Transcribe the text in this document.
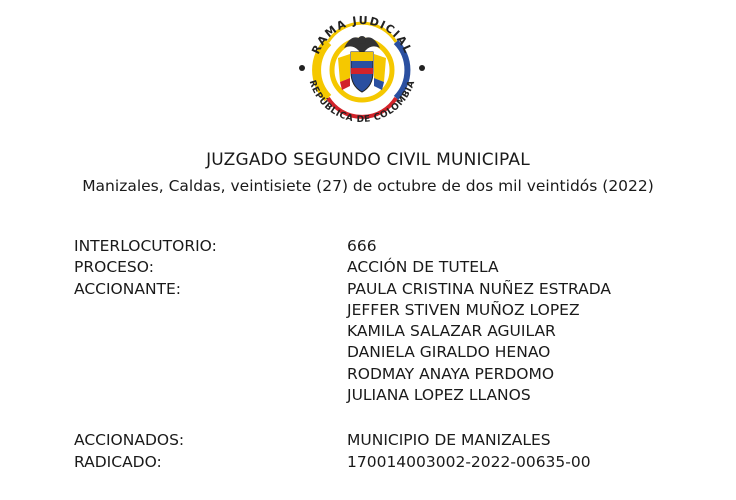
RAMA JUDICIAL
REPÚBLICA DE COLOMBIA
JUZGADO SEGUNDO CIVIL MUNICIPAL
Manizales, Caldas, veintisiete (27) de octubre de dos mil veintidós (2022)
INTERLOCUTORIO:	666
PROCESO:	ACCIÓN DE TUTELA
ACCIONANTE:	PAULA CRISTINA NUÑEZ ESTRADA
JEFFER STIVEN MUÑOZ LOPEZ
KAMILA SALAZAR AGUILAR
DANIELA GIRALDO HENAO
RODMAY ANAYA PERDOMO
JULIANA LOPEZ LLANOS
ACCIONADOS:	MUNICIPIO DE MANIZALES
RADICADO:	170014003002-2022-00635-00
